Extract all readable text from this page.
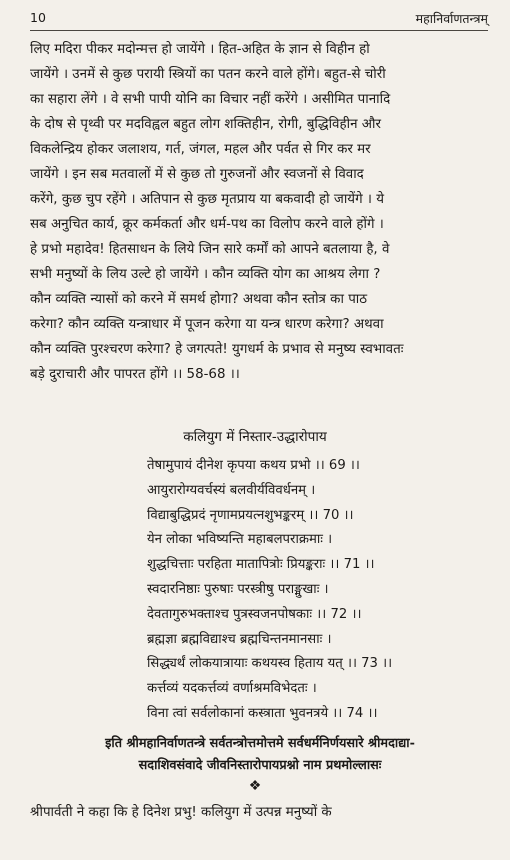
10	महानिर्वाणतन्त्रम्
लिए मदिरा पीकर मदोन्मत्त हो जायेंगे । हित-अहित के ज्ञान से विहीन हो
जायेंगे । उनमें से कुछ परायी स्त्रियों का पतन करने वाले होंगे। बहुत-से चोरी
का सहारा लेंगे । वे सभी पापी योनि का विचार नहीं करेंगे । असीमित पानादि
के दोष से पृथ्वी पर मदविह्वल बहुत लोग शक्तिहीन, रोगी, बुद्धिविहीन और
विकलेन्द्रिय होकर जलाशय, गर्त, जंगल, महल और पर्वत से गिर कर मर
जायेंगे । इन सब मतवालों में से कुछ तो गुरुजनों और स्वजनों से विवाद
करेंगे, कुछ चुप रहेंगे । अतिपान से कुछ मृतप्राय या बकवादी हो जायेंगे । ये
सब अनुचित कार्य, क्रूर कर्मकर्ता और धर्म-पथ का विलोप करने वाले होंगे ।
हे प्रभो महादेव! हितसाधन के लिये जिन सारे कर्मों को आपने बतलाया है, वे
सभी मनुष्यों के लिय उल्टे हो जायेंगे । कौन व्यक्ति योग का आश्रय लेगा ?
कौन व्यक्ति न्यासों को करने में समर्थ होगा? अथवा कौन स्तोत्र का पाठ
करेगा? कौन व्यक्ति यन्त्राधार में पूजन करेगा या यन्त्र धारण करेगा? अथवा
कौन व्यक्ति पुरश्चरण करेगा? हे जगत्पते! युगधर्म के प्रभाव से मनुष्य स्वभावतः
बड़े दुराचारी और पापरत होंगे ।। 58-68 ।।
कलियुग में निस्तार-उद्धारोपाय
तेषामुपायं दीनेश कृपया कथय प्रभो ।। 69 ।।
आयुरारोग्यवर्चस्यं बलवीर्यविवर्धनम् ।
विद्याबुद्धिप्रदं नृणामप्रयत्नशुभङ्करम् ।। 70 ।।
येन लोका भविष्यन्ति महाबलपराक्रमाः ।
शुद्धचित्ताः परहिता मातापित्रोः प्रियङ्कराः ।। 71 ।।
स्वदारनिष्ठाः पुरुषाः परस्त्रीषु पराङ्मुखाः ।
देवतागुरुभक्ताश्च पुत्रस्वजनपोषकाः ।। 72 ।।
ब्रह्मज्ञा ब्रह्मविद्याश्च ब्रह्मचिन्तनमानसाः ।
सिद्ध्यर्थं लोकयात्रायाः कथयस्व हिताय यत् ।। 73 ।।
कर्त्तव्यं यदकर्त्तव्यं वर्णाश्रमविभेदतः ।
विना त्वां सर्वलोकानां कस्त्राता भुवनत्रये ।। 74 ।।
इति श्रीमहानिर्वाणतन्त्रे सर्वतन्त्रोत्तमोत्तमे सर्वधर्मनिर्णयसारे श्रीमदाद्या-
सदाशिवसंवादे जीवनिस्तारोपायप्रश्नो नाम प्रथमोल्लासः
❖
श्रीपार्वती ने कहा कि हे दिनेश प्रभु! कलियुग में उत्पन्न मनुष्यों के
